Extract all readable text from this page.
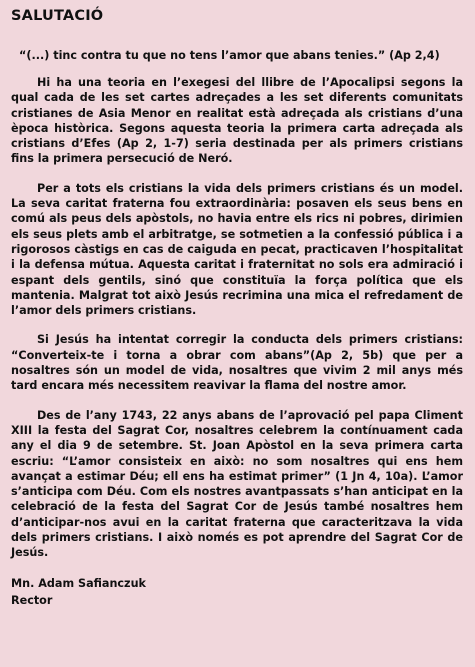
SALUTACIÓ
“(...) tinc contra tu que no tens l’amor que abans tenies.” (Ap 2,4)

Hi ha una teoria en l’exegesi del llibre de l’Apocalipsi segons la qual cada de les set cartes adreçades a les set diferents comunitats cristianes de Asia Menor en realitat està adreçada als cristians d’una època històrica. Segons aquesta teoria la primera carta adreçada als cristians d’Efes (Ap 2, 1-7) seria destinada per als primers cristians fins la primera persecució de Neró.

Per a tots els cristians la vida dels primers cristians és un model. La seva caritat fraterna fou extraordinària: posaven els seus bens en comú als peus dels apòstols, no havia entre els rics ni pobres, dirimien els seus plets amb el arbitratge, se sotmetien a la confessió pública i a rigorosos càstigs en cas de caiguda en pecat, practicaven l’hospitalitat i la defensa mútua. Aquesta caritat i fraternitat no sols era admiració i espant dels gentils, sinó que constituïa la força política que els mantenia. Malgrat tot això Jesús recrimina una mica el refredament de l’amor dels primers cristians.

Si Jesús ha intentat corregir la conducta dels primers cristians: “Converteix-te i torna a obrar com abans”(Ap 2, 5b) que per a nosaltres són un model de vida, nosaltres que vivim 2 mil anys més tard encara més necessitem reavivar la flama del nostre amor.

Des de l’any 1743, 22 anys abans de l’aprovació pel papa Climent XIII la festa del Sagrat Cor, nosaltres celebrem la contínuament cada any el dia 9 de setembre. St. Joan Apòstol en la seva primera carta escriu: “L’amor consisteix en això: no som nosaltres qui ens hem avançat a estimar Déu; ell ens ha estimat primer” (1 Jn 4, 10a). L’amor s’anticipa com Déu. Com els nostres avantpassats s’han anticipat en la celebració de la festa del Sagrat Cor de Jesús també nosaltres hem d’anticipar-nos avui en la caritat fraterna que caracteritzava la vida dels primers cristians. I això només es pot aprendre del Sagrat Cor de Jesús.

Mn. Adam Safianczuk
Rector
